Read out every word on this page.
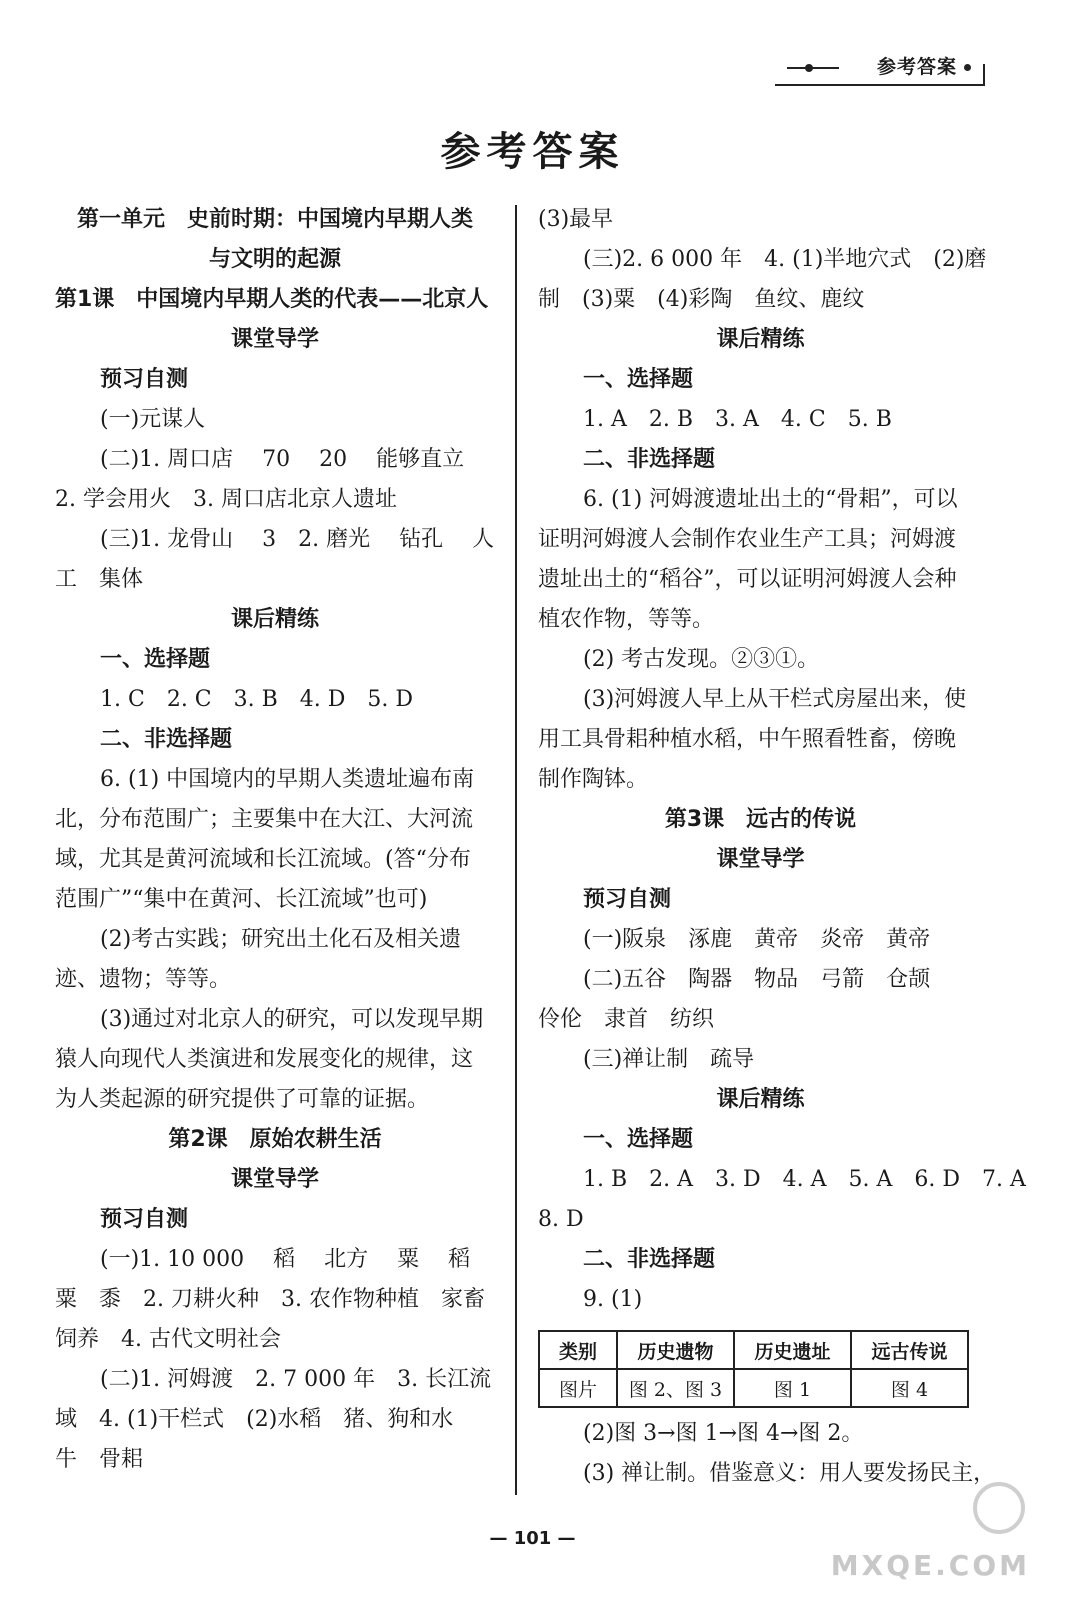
参考答案
参考答案
第一单元　史前时期：中国境内早期人类
与文明的起源
第1课　中国境内早期人类的代表——北京人
课堂导学
预习自测
(一)元谋人
(二)1. 周口店　 70　 20　 能够直立
2. 学会用火　3. 周口店北京人遗址
(三)1. 龙骨山　 3　2. 磨光　 钻孔　 人
工　集体
课后精练
一、选择题
1. C　2. C　3. B　4. D　5. D
二、非选择题
6. (1) 中国境内的早期人类遗址遍布南
北，分布范围广；主要集中在大江、大河流
域，尤其是黄河流域和长江流域。(答“分布
范围广”“集中在黄河、长江流域”也可)
(2)考古实践；研究出土化石及相关遗
迹、遗物；等等。
(3)通过对北京人的研究，可以发现早期
猿人向现代人类演进和发展变化的规律，这
为人类起源的研究提供了可靠的证据。
第2课　原始农耕生活
课堂导学
预习自测
(一)1. 10 000　 稻　 北方　 粟　 稻
粟　黍　2. 刀耕火种　3. 农作物种植　家畜
饲养　4. 古代文明社会
(二)1. 河姆渡　2. 7 000 年　3. 长江流
域　4. (1)干栏式　(2)水稻　猪、狗和水
牛　骨耜
(3)最早
(三)2. 6 000 年　4. (1)半地穴式　(2)磨
制　(3)粟　(4)彩陶　鱼纹、鹿纹
课后精练
一、选择题
1. A　2. B　3. A　4. C　5. B
二、非选择题
6. (1) 河姆渡遗址出土的“骨耜”，可以
证明河姆渡人会制作农业生产工具；河姆渡
遗址出土的“稻谷”，可以证明河姆渡人会种
植农作物，等等。
(2) 考古发现。②③①。
(3)河姆渡人早上从干栏式房屋出来，使
用工具骨耜种植水稻，中午照看牲畜，傍晚
制作陶钵。
第3课　远古的传说
课堂导学
预习自测
(一)阪泉　涿鹿　黄帝　炎帝　黄帝
(二)五谷　陶器　物品　弓箭　仓颉
伶伦　隶首　纺织
(三)禅让制　疏导
课后精练
一、选择题
1. B　2. A　3. D　4. A　5. A　6. D　7. A
8. D
二、非选择题
9. (1)
类别	历史遗物	历史遗址	远古传说
图片	图 2、图 3	图 1	图 4
(2)图 3→图 1→图 4→图 2。
(3) 禅让制。借鉴意义：用人要发扬民主，
— 101 —
MXQE.COM
